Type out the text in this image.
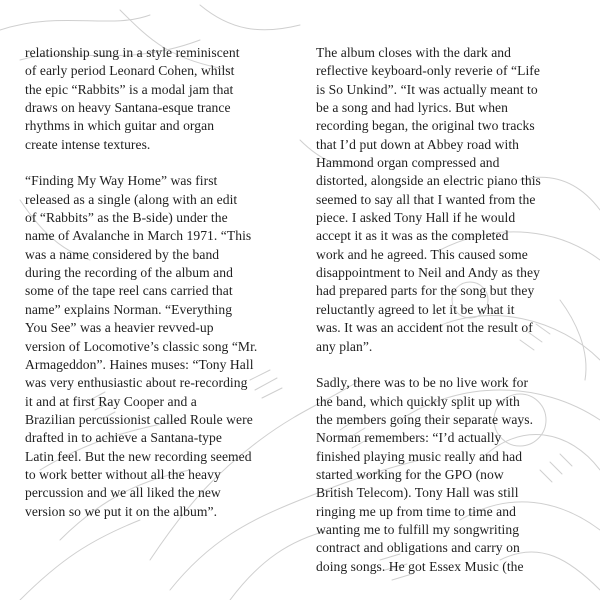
relationship sung in a style reminiscent
of early period Leonard Cohen, whilst
the epic “Rabbits” is a modal jam that
draws on heavy Santana-esque trance
rhythms in which guitar and organ
create intense textures.
“Finding My Way Home” was first
released as a single (along with an edit
of “Rabbits” as the B-side) under the
name of Avalanche in March 1971. “This
was a name considered by the band
during the recording of the album and
some of the tape reel cans carried that
name” explains Norman. “Everything
You See” was a heavier revved-up
version of Locomotive’s classic song “Mr.
Armageddon”. Haines muses: “Tony Hall
was very enthusiastic about re-recording
it and at first Ray Cooper and a
Brazilian percussionist called Roule were
drafted in to achieve a Santana-type
Latin feel. But the new recording seemed
to work better without all the heavy
percussion and we all liked the new
version so we put it on the album”.
The album closes with the dark and
reflective keyboard-only reverie of “Life
is So Unkind”. “It was actually meant to
be a song and had lyrics. But when
recording began, the original two tracks
that I’d put down at Abbey road with
Hammond organ compressed and
distorted, alongside an electric piano this
seemed to say all that I wanted from the
piece. I asked Tony Hall if he would
accept it as it was as the completed
work and he agreed. This caused some
disappointment to Neil and Andy as they
had prepared parts for the song but they
reluctantly agreed to let it be what it
was. It was an accident not the result of
any plan”.
Sadly, there was to be no live work for
the band, which quickly split up with
the members going their separate ways.
Norman remembers: “I’d actually
finished playing music really and had
started working for the GPO (now
British Telecom). Tony Hall was still
ringing me up from time to time and
wanting me to fulfill my songwriting
contract and obligations and carry on
doing songs. He got Essex Music (the
